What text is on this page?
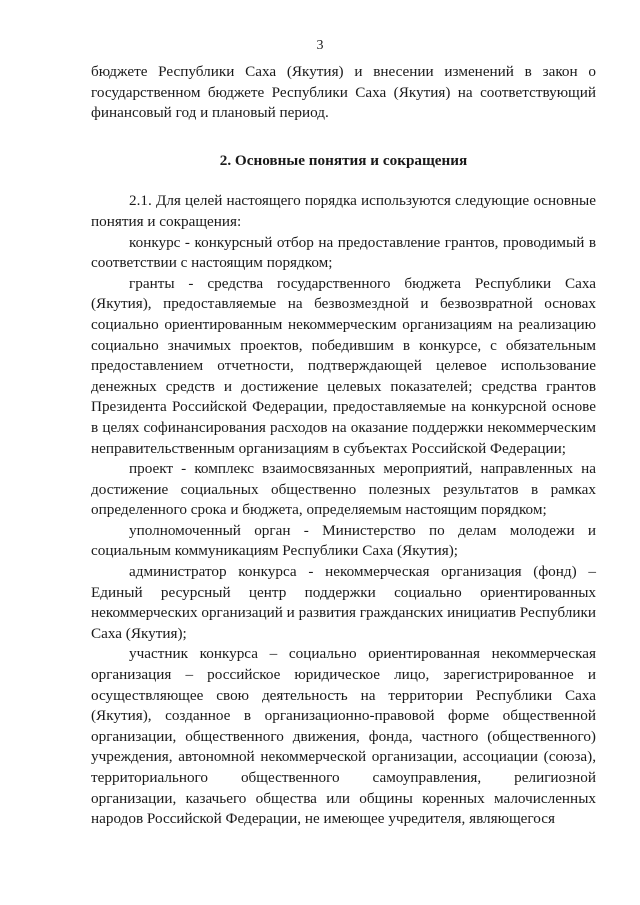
3

бюджете Республики Саха (Якутия) и внесении изменений в закон о государственном бюджете Республики Саха (Якутия) на соответствующий финансовый год и плановый период.

2. Основные понятия и сокращения

2.1. Для целей настоящего порядка используются следующие основные понятия и сокращения:

конкурс - конкурсный отбор на предоставление грантов, проводимый в соответствии с настоящим порядком;

гранты - средства государственного бюджета Республики Саха (Якутия), предоставляемые на безвозмездной и безвозвратной основах социально ориентированным некоммерческим организациям на реализацию социально значимых проектов, победившим в конкурсе, с обязательным предоставлением отчетности, подтверждающей целевое использование денежных средств и достижение целевых показателей; средства грантов Президента Российской Федерации, предоставляемые на конкурсной основе в целях софинансирования расходов на оказание поддержки некоммерческим неправительственным организациям в субъектах Российской Федерации;

проект - комплекс взаимосвязанных мероприятий, направленных на достижение социальных общественно полезных результатов в рамках определенного срока и бюджета, определяемым настоящим порядком;

уполномоченный орган - Министерство по делам молодежи и социальным коммуникациям Республики Саха (Якутия);

администратор конкурса - некоммерческая организация (фонд) – Единый ресурсный центр поддержки социально ориентированных некоммерческих организаций и развития гражданских инициатив Республики Саха (Якутия);

участник конкурса – социально ориентированная некоммерческая организация – российское юридическое лицо, зарегистрированное и осуществляющее свою деятельность на территории Республики Саха (Якутия), созданное в организационно-правовой форме общественной организации, общественного движения, фонда, частного (общественного) учреждения, автономной некоммерческой организации, ассоциации (союза), территориального общественного самоуправления, религиозной организации, казачьего общества или общины коренных малочисленных народов Российской Федерации, не имеющее учредителя, являющегося
